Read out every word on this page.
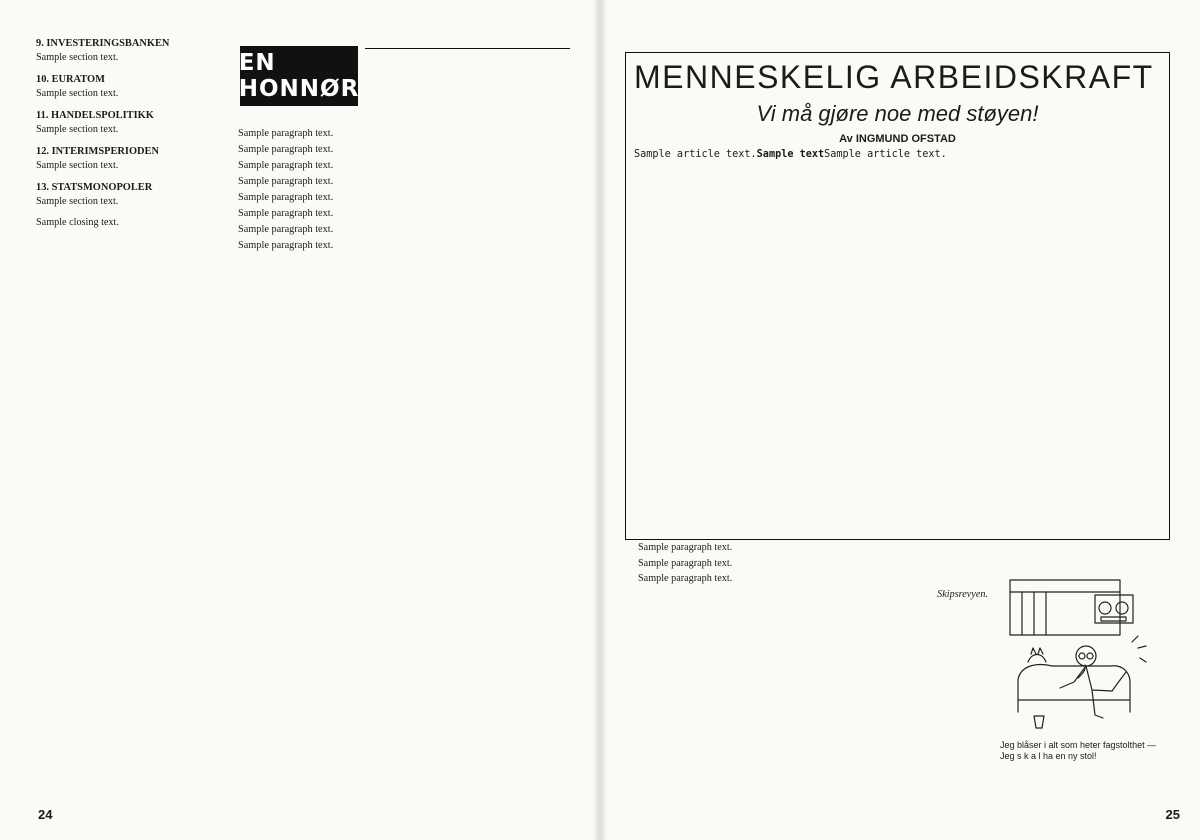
9. INVESTERINGSBANKEN
Sample section text.
10. EURATOM
Sample section text.
11. HANDELSPOLITIKK
Sample section text.
12. INTERIMSPERIODEN
Sample section text.
13. STATSMONOPOLER
Sample section text.
Sample closing text.
EN HONNØR

Sample paragraph text.

Sample paragraph text.

Sample paragraph text.

Sample paragraph text.

Sample paragraph text.

Sample paragraph text.

Sample paragraph text.

Sample paragraph text.

24	25
MENNESKELIG ARBEIDSKRAFT
Vi må gjøre noe med støyen!
Av INGMUND OFSTAD
Sample article text.Sample textSample article text.

Sample paragraph text.

Sample paragraph text.

Sample paragraph text.

Skipsrevyen.
Jeg blåser i alt som heter fagstolthet —
Jeg s k a l ha en ny stol!
